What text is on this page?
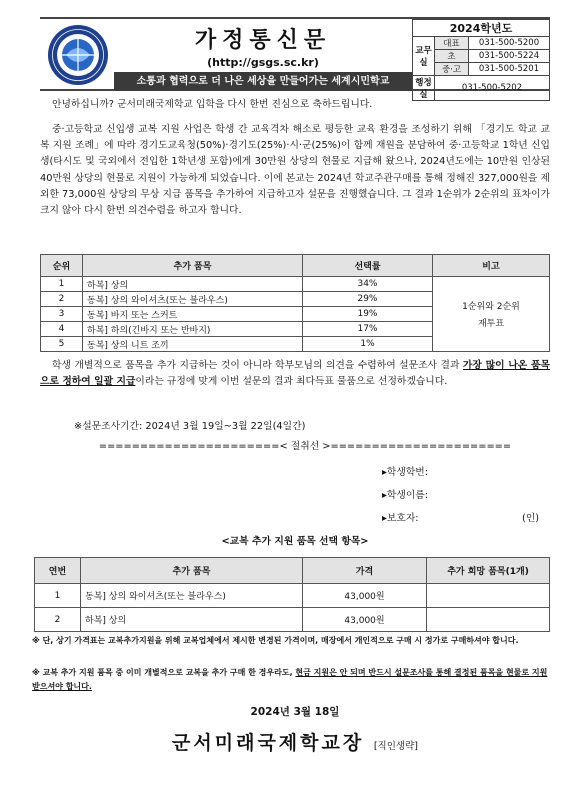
가정통신문
(http://gsgs.sc.kr)
소통과 협력으로 더 나은 세상을 만들어가는 세계시민학교
2024학년도		
교무실	대표	031-500-5200
	초	031-500-5224
	중·고	031-500-5201
행정실	031-500-5202	
안녕하십니까? 군서미래국제학교 입학을 다시 한번 진심으로 축하드립니다.
중·고등학교 신입생 교복 지원 사업은 학생 간 교육격차 해소로 평등한 교육 환경을 조성하기 위해 「경기도 학교 교복 지원 조례」에 따라 경기도교육청(50%)·경기도(25%)·시·군(25%)이 함께 재원을 분담하여 중·고등학교 1학년 신입생(타시도 및 국외에서 전입한 1학년생 포함)에게 30만원 상당의 현물로 지급해 왔으나, 2024년도에는 10만원 인상된 40만원 상당의 현물로 지원이 가능하게 되었습니다. 이에 본교는 2024년 학교주관구매를 통해 정해진 327,000원을 제외한 73,000원 상당의 무상 지급 품목을 추가하여 지급하고자 설문을 진행했습니다. 그 결과 1순위가 2순위의 표차이가 크지 않아 다시 한번 의견수렴을 하고자 합니다.
순위	추가 품목	선택률	비고
1	하복] 상의	34%	1순위와 2순위
재투표

2	동복] 상의 와이셔츠(또는 블라우스)	29%	
3	동복] 바지 또는 스커트	19%	
4	하복] 하의(긴바지 또는 반바지)	17%	
5	동복] 상의 니트 조끼	1%	
학생 개별적으로 품목을 추가 지급하는 것이 아니라 학부모님의 의견을 수렴하여 설문조사 결과 가장 많이 나온 품목으로 정하여 일괄 지급이라는 규정에 맞게 이번 설문의 결과 최다득표 물품으로 선정하겠습니다.
※설문조사기간: 2024년 3월 19일~3월 22일(4일간)
======================< 절취선 >======================
▸학생학번:
▸학생이름:
▸보호자:	(인)
<교복 추가 지원 품목 선택 항목>
연번	추가 품목	가격	추가 희망 품목(1개)
1	동복] 상의 와이셔츠(또는 블라우스)	43,000원	
2	하복] 상의	43,000원	
※ 단, 상기 가격표는 교복추가지원을 위해 교복업체에서 제시한 변경된 가격이며, 매장에서 개인적으로 구매 시 정가로 구매하셔야 합니다.
※ 교복 추가 지원 품목 중 이미 개별적으로 교복을 추가 구매 한 경우라도, 현금 지원은 안 되며 반드시 설문조사를 통해 결정된 품목을 현물로 지원 받으셔야 합니다.
2024년 3월 18일
군서미래국제학교장 [직인생략]
